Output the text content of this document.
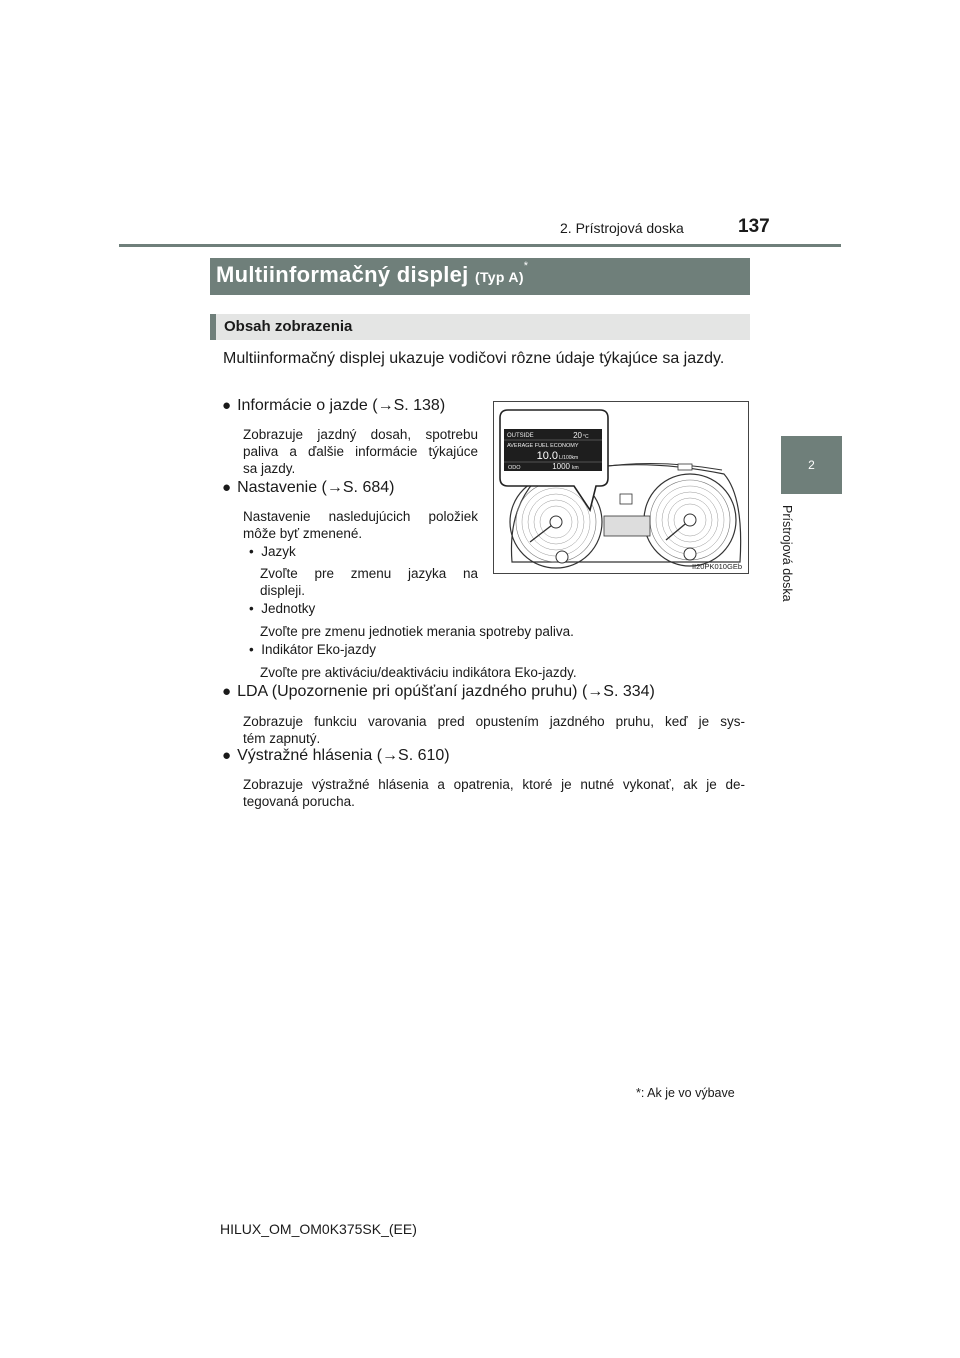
2. Prístrojová doska	137
2
Prístrojová doska
Multiinformačný displej (Typ A)*
Obsah zobrazenia
Multiinformačný displej ukazuje vodičovi rôzne údaje týkajúce sa jazdy.
● Informácie o jazde (→S. 138)
Zobrazuje jazdný dosah, spotrebu
paliva a ďalšie informácie týkajúce
sa jazdy.
● Nastavenie (→S. 684)
Nastavenie nasledujúcich položiek
môže byť zmenené.
•  Jazyk
Zvoľte pre zmenu jazyka na
displeji.
•  Jednotky
Zvoľte pre zmenu jednotiek merania spotreby paliva.
•  Indikátor Eko-jazdy
Zvoľte pre aktiváciu/deaktiváciu indikátora Eko-jazdy.
● LDA (Upozornenie pri opúšťaní jazdného pruhu) (→S. 334)
Zobrazuje funkciu varovania pred opustením jazdného pruhu, keď je sys-
tém zapnutý.
● Výstražné hlásenia (→S. 610)
Zobrazuje výstražné hlásenia a opatrenia, ktoré je nutné vykonať, ak je de-
tegovaná porucha.
OUTSIDE	20 °C
AVERAGE FUEL ECONOMY
10.0 L/100km
ODO	1000 km
II20PK010GEb
*: Ak je vo výbave
HILUX_OM_OM0K375SK_(EE)
